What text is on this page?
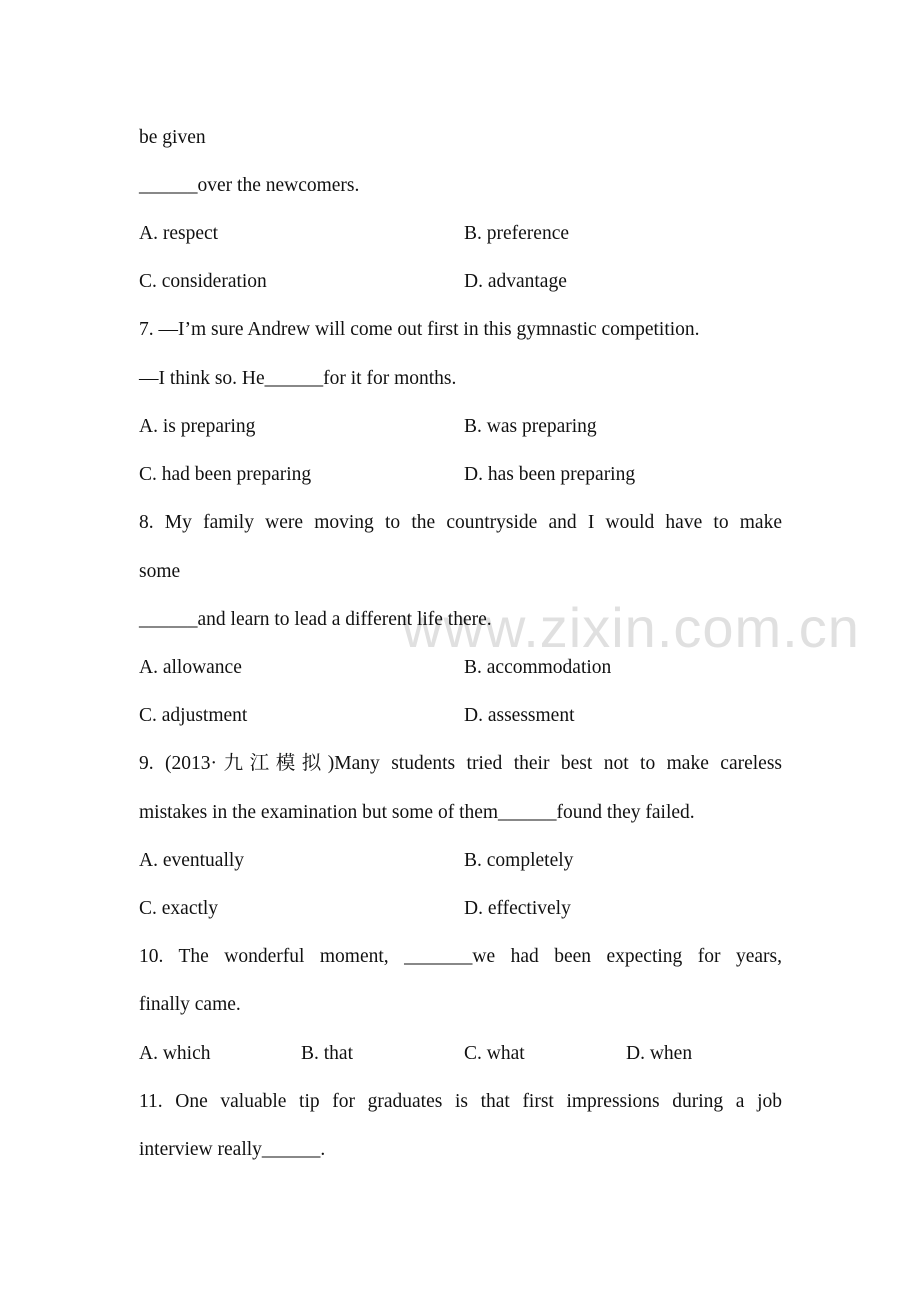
www.zixin.com.cn
be given
______over the newcomers.
A. respect	B. preference
C. consideration	D. advantage
7. —I’m sure Andrew will come out first in this gymnastic competition.
—I think so. He______for it for months.
A. is preparing	B. was preparing
C. had been preparing	D. has been preparing
8. My family were moving to the countryside and I would have to make
some
______and learn to lead a different life there.
A. allowance	B. accommodation
C. adjustment	D. assessment
9. (2013·九江模拟)Many students tried their best not to make careless
mistakes in the examination but some of them______found they failed.
A. eventually	B. completely
C. exactly	D. effectively
10. The wonderful moment, _______we had been expecting for years,
finally came.
A. which	B. that	C. what	D. when
11. One valuable tip for graduates is that first impressions during a job
interview really______.
